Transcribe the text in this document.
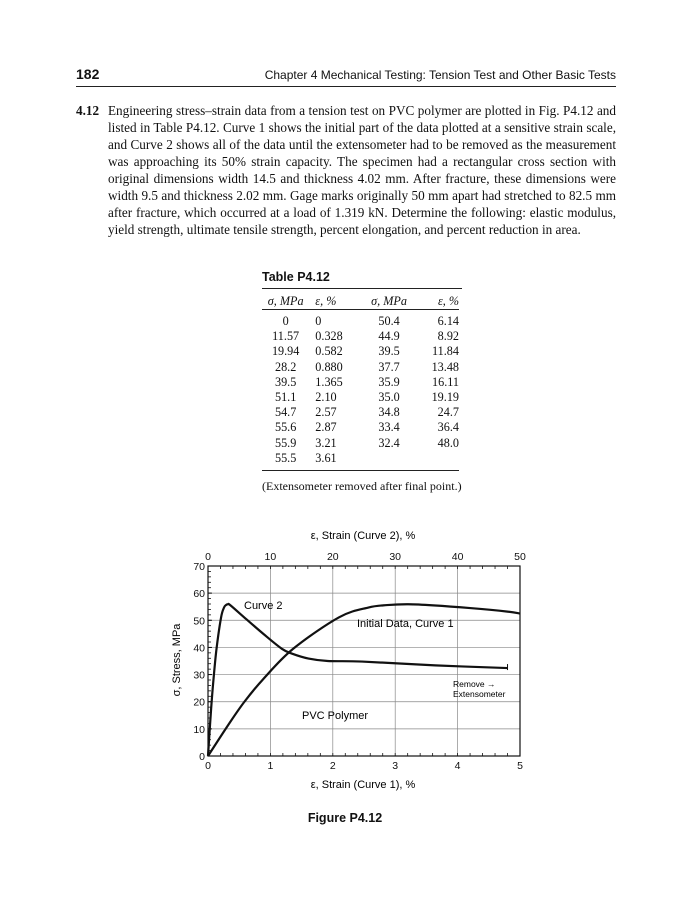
182	Chapter 4 Mechanical Testing: Tension Test and Other Basic Tests
4.12 Engineering stress–strain data from a tension test on PVC polymer are plotted in Fig. P4.12 and listed in Table P4.12. Curve 1 shows the initial part of the data plotted at a sensitive strain scale, and Curve 2 shows all of the data until the extensometer had to be removed as the measurement was approaching its 50% strain capacity. The specimen had a rectangular cross section with original dimensions width 14.5 and thickness 4.02 mm. After fracture, these dimensions were width 9.5 and thickness 2.02 mm. Gage marks originally 50 mm apart had stretched to 82.5 mm after fracture, which occurred at a load of 1.319 kN. Determine the following: elastic modulus, yield strength, ultimate tensile strength, percent elongation, and percent reduction in area.
Table P4.12
σ, MPa	ε, %	σ, MPa	ε, %
0	0	50.4	6.14
11.57	0.328	44.9	8.92
19.94	0.582	39.5	11.84
28.2	0.880	37.7	13.48
39.5	1.365	35.9	16.11
51.1	2.10	35.0	19.19
54.7	2.57	34.8	24.7
55.6	2.87	33.4	36.4
55.9	3.21	32.4	48.0
55.5	3.61		
(Extensometer removed after final point.)
0
10
20
30
40
50
60
70
0	1	2	3	4	5
0	10	20	30	40	50
ε, Strain (Curve 2), %
ε, Strain (Curve 1), %
σ, Stress, MPa
Curve 2
Initial Data, Curve 1
Remove →
Extensometer
PVC Polymer
Figure P4.12
